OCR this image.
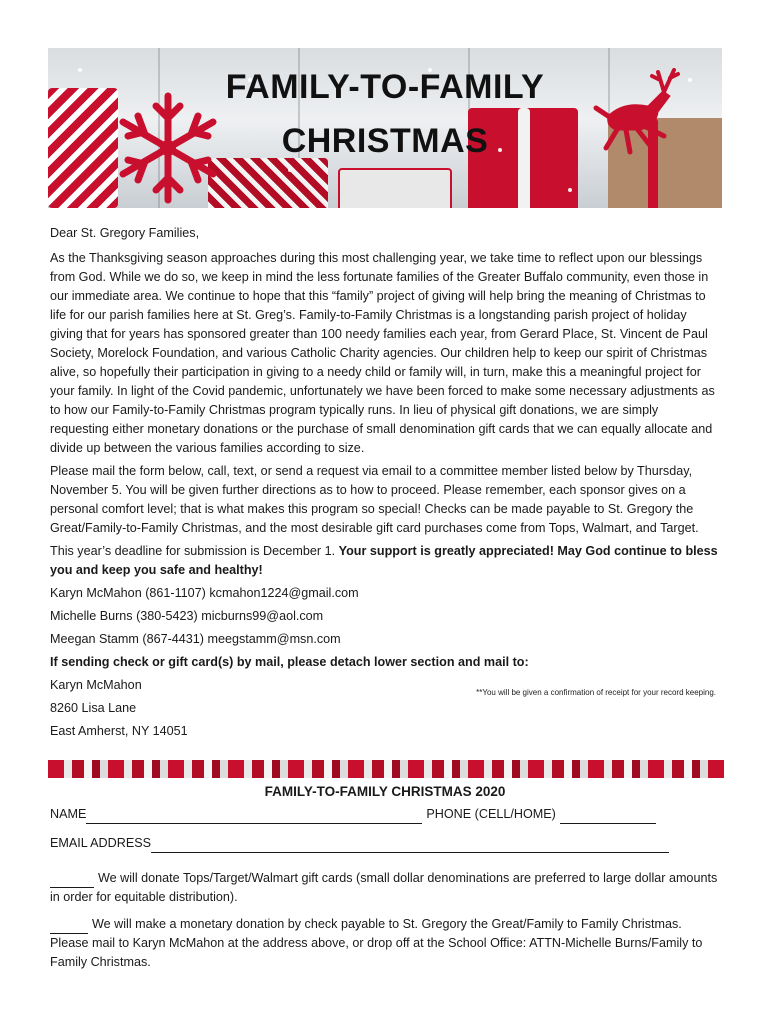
FAMILY-TO-FAMILY
CHRISTMAS

Dear St. Gregory Families,

As the Thanksgiving season approaches during this most challenging year, we take time to reflect upon our blessings from God. While we do so, we keep in mind the less fortunate families of the Greater Buffalo community, even those in our immediate area. We continue to hope that this “family” project of giving will help bring the meaning of Christmas to life for our parish families here at St. Greg’s. Family-to-Family Christmas is a longstanding parish project of holiday giving that for years has sponsored greater than 100 needy families each year, from Gerard Place, St. Vincent de Paul Society, Morelock Foundation, and various Catholic Charity agencies. Our children help to keep our spirit of Christmas alive, so hopefully their participation in giving to a needy child or family will, in turn, make this a meaningful project for your family. In light of the Covid pandemic, unfortunately we have been forced to make some necessary adjustments as to how our Family-to-Family Christmas program typically runs. In lieu of physical gift donations, we are simply requesting either monetary donations or the purchase of small denomination gift cards that we can equally allocate and divide up between the various families according to size.

Please mail the form below, call, text, or send a request via email to a committee member listed below by Thursday, November 5. You will be given further directions as to how to proceed. Please remember, each sponsor gives on a personal comfort level; that is what makes this program so special! Checks can be made payable to St. Gregory the Great/Family-to-Family Christmas, and the most desirable gift card purchases come from Tops, Walmart, and Target.

This year’s deadline for submission is December 1. Your support is greatly appreciated! May God continue to bless you and keep you safe and healthy!

Karyn McMahon (861-1107) kcmahon1224@gmail.com

Michelle Burns (380-5423) micburns99@aol.com

Meegan Stamm (867-4431) meegstamm@msn.com

If sending check or gift card(s) by mail, please detach lower section and mail to:

Karyn McMahon

8260 Lisa Lane

East Amherst, NY 14051

**You will be given a confirmation of receipt for your record keeping.
FAMILY-TO-FAMILY CHRISTMAS 2020
NAME	PHONE (CELL/HOME)
EMAIL ADDRESS

We will donate Tops/Target/Walmart gift cards (small dollar denominations are preferred to large dollar amounts in order for equitable distribution).

We will make a monetary donation by check payable to St. Gregory the Great/Family to Family Christmas. Please mail to Karyn McMahon at the address above, or drop off at the School Office: ATTN-Michelle Burns/Family to Family Christmas.
